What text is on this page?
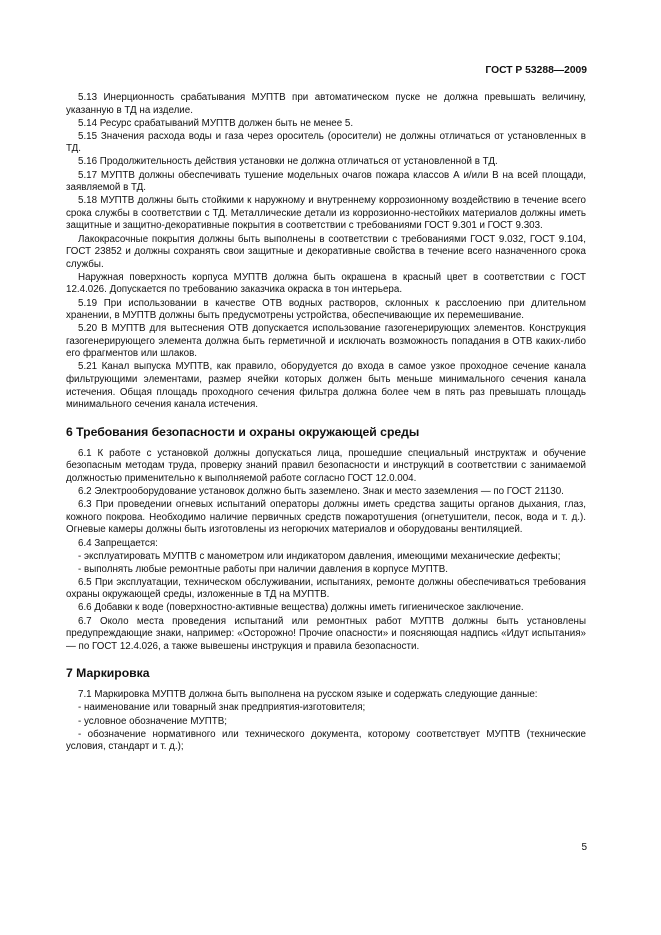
ГОСТ Р 53288—2009

5.13 Инерционность срабатывания МУПТВ при автоматическом пуске не должна превышать величину, указанную в ТД на изделие.

5.14 Ресурс срабатываний МУПТВ должен быть не менее 5.

5.15 Значения расхода воды и газа через ороситель (оросители) не должны отличаться от установленных в ТД.

5.16 Продолжительность действия установки не должна отличаться от установленной в ТД.

5.17 МУПТВ должны обеспечивать тушение модельных очагов пожара классов А и/или В на всей площади, заявляемой в ТД.

5.18 МУПТВ должны быть стойкими к наружному и внутреннему коррозионному воздействию в течение всего срока службы в соответствии с ТД. Металлические детали из коррозионно-нестойких материалов должны иметь защитные и защитно-декоративные покрытия в соответствии с требованиями ГОСТ 9.301 и ГОСТ 9.303.

Лакокрасочные покрытия должны быть выполнены в соответствии с требованиями ГОСТ 9.032, ГОСТ 9.104, ГОСТ 23852 и должны сохранять свои защитные и декоративные свойства в течение всего назначенного срока службы.

Наружная поверхность корпуса МУПТВ должна быть окрашена в красный цвет в соответствии с ГОСТ 12.4.026. Допускается по требованию заказчика окраска в тон интерьера.

5.19 При использовании в качестве ОТВ водных растворов, склонных к расслоению при длительном хранении, в МУПТВ должны быть предусмотрены устройства, обеспечивающие их перемешивание.

5.20 В МУПТВ для вытеснения ОТВ допускается использование газогенерирующих элементов. Конструкция газогенерирующего элемента должна быть герметичной и исключать возможность попадания в ОТВ каких-либо его фрагментов или шлаков.

5.21 Канал выпуска МУПТВ, как правило, оборудуется до входа в самое узкое проходное сечение канала фильтрующими элементами, размер ячейки которых должен быть меньше минимального сечения канала истечения. Общая площадь проходного сечения фильтра должна более чем в пять раз превышать площадь минимального сечения канала истечения.

6 Требования безопасности и охраны окружающей среды

6.1 К работе с установкой должны допускаться лица, прошедшие специальный инструктаж и обучение безопасным методам труда, проверку знаний правил безопасности и инструкций в соответствии с занимаемой должностью применительно к выполняемой работе согласно ГОСТ 12.0.004.

6.2 Электрооборудование установок должно быть заземлено. Знак и место заземления — по ГОСТ 21130.

6.3 При проведении огневых испытаний операторы должны иметь средства защиты органов дыхания, глаз, кожного покрова. Необходимо наличие первичных средств пожаротушения (огнетушители, песок, вода и т. д.). Огневые камеры должны быть изготовлены из негорючих материалов и оборудованы вентиляцией.

6.4 Запрещается:

- эксплуатировать МУПТВ с манометром или индикатором давления, имеющими механические дефекты;

- выполнять любые ремонтные работы при наличии давления в корпусе МУПТВ.

6.5 При эксплуатации, техническом обслуживании, испытаниях, ремонте должны обеспечиваться требования охраны окружающей среды, изложенные в ТД на МУПТВ.

6.6 Добавки к воде (поверхностно-активные вещества) должны иметь гигиеническое заключение.

6.7 Около места проведения испытаний или ремонтных работ МУПТВ должны быть установлены предупреждающие знаки, например: «Осторожно! Прочие опасности» и поясняющая надпись «Идут испытания» — по ГОСТ 12.4.026, а также вывешены инструкция и правила безопасности.

7 Маркировка

7.1 Маркировка МУПТВ должна быть выполнена на русском языке и содержать следующие данные:

- наименование или товарный знак предприятия-изготовителя;

- условное обозначение МУПТВ;

- обозначение нормативного или технического документа, которому соответствует МУПТВ (технические условия, стандарт и т. д.);

5
